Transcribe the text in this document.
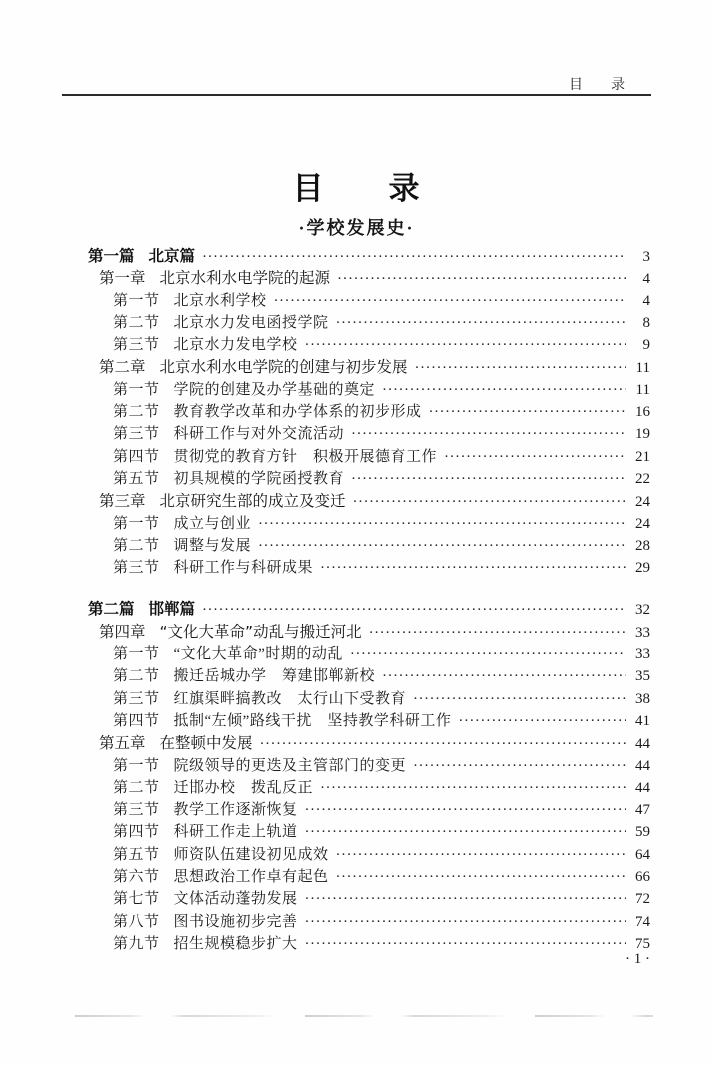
目　　录
目　　录
·学校发展史·
第一篇 北京篇 ·····	3
第一章 北京水利水电学院的起源 ·····	4
第一节 北京水利学校 ·····	4
第二节 北京水力发电函授学院 ·····	8
第三节 北京水力发电学校 ·····	9
第二章 北京水利水电学院的创建与初步发展 ·····	11
第一节 学院的创建及办学基础的奠定 ·····	11
第二节 教育教学改革和办学体系的初步形成 ·····	16
第三节 科研工作与对外交流活动 ·····	19
第四节 贯彻党的教育方针　积极开展德育工作 ·····	21
第五节 初具规模的学院函授教育 ·····	22
第三章 北京研究生部的成立及变迁 ·····	24
第一节 成立与创业 ·····	24
第二节 调整与发展 ·····	28
第三节 科研工作与科研成果 ·····	29
第二篇 邯郸篇 ·····	32
第四章 “文化大革命”动乱与搬迁河北 ·····	33
第一节 “文化大革命”时期的动乱 ·····	33
第二节 搬迁岳城办学　筹建邯郸新校 ·····	35
第三节 红旗渠畔搞教改　太行山下受教育 ·····	38
第四节 抵制“左倾”路线干扰　坚持教学科研工作 ·····	41
第五章 在整顿中发展 ·····	44
第一节 院级领导的更迭及主管部门的变更 ·····	44
第二节 迁邯办校　拨乱反正 ·····	44
第三节 教学工作逐渐恢复 ·····	47
第四节 科研工作走上轨道 ·····	59
第五节 师资队伍建设初见成效 ·····	64
第六节 思想政治工作卓有起色 ·····	66
第七节 文体活动蓬勃发展 ·····	72
第八节 图书设施初步完善 ·····	74
第九节 招生规模稳步扩大 ·····	75
· 1 ·
